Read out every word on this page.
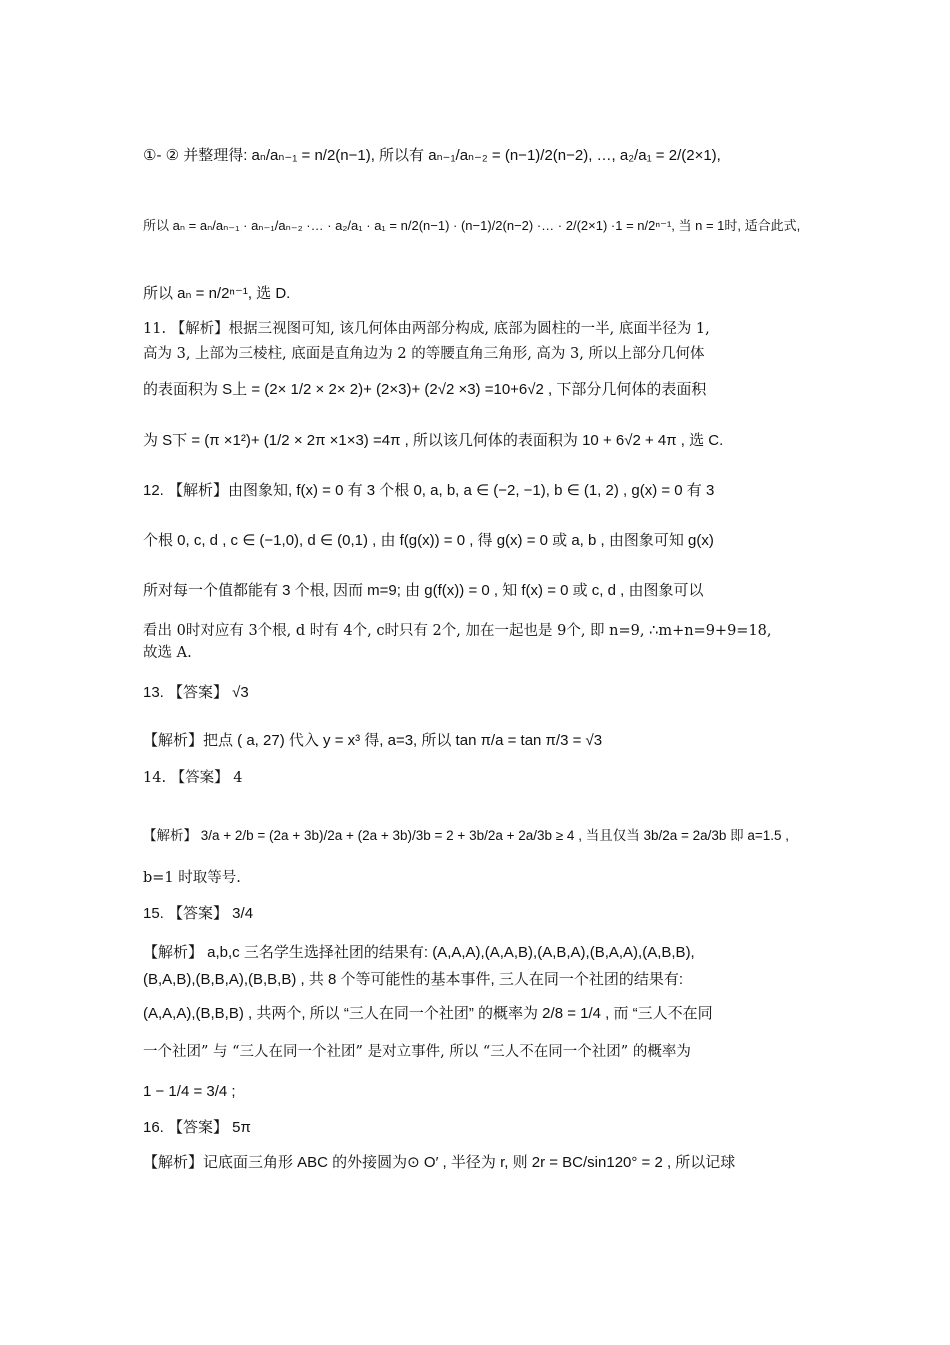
①- ② 并整理得: aₙ/aₙ₋₁ = n/2(n−1), 所以有 aₙ₋₁/aₙ₋₂ = (n−1)/2(n−2), …, a₂/a₁ = 2/(2×1),
所以 aₙ = aₙ/aₙ₋₁ · aₙ₋₁/aₙ₋₂ ·… · a₂/a₁ · a₁ = n/2(n−1) · (n−1)/2(n−2) ·… · 2/(2×1) ·1 = n/2ⁿ⁻¹, 当 n = 1时, 适合此式,
所以 aₙ = n/2ⁿ⁻¹, 选 D.
11. 【解析】根据三视图可知, 该几何体由两部分构成, 底部为圆柱的一半, 底面半径为 1,
高为 3, 上部为三棱柱, 底面是直角边为 2 的等腰直角三角形, 高为 3, 所以上部分几何体
的表面积为 S上 = (2× 1/2 × 2× 2)+ (2×3)+ (2√2 ×3) =10+6√2 , 下部分几何体的表面积
为 S下 = (π ×1²)+ (1/2 × 2π ×1×3) =4π , 所以该几何体的表面积为 10 + 6√2 + 4π , 选 C.
12. 【解析】由图象知, f(x) = 0 有 3 个根 0, a, b, a ∈ (−2, −1), b ∈ (1, 2) , g(x) = 0 有 3
个根 0, c, d , c ∈ (−1,0), d ∈ (0,1) , 由 f(g(x)) = 0 , 得 g(x) = 0 或 a, b , 由图象可知 g(x)
所对每一个值都能有 3 个根, 因而 m=9; 由 g(f(x)) = 0 , 知 f(x) = 0 或 c, d , 由图象可以
看出 0时对应有 3个根, d 时有 4个, c时只有 2个, 加在一起也是 9个, 即 n=9, ∴m+n=9+9=18,
故选 A.
13. 【答案】 √3
【解析】把点 ( a, 27) 代入 y = x³ 得, a=3, 所以 tan π/a = tan π/3 = √3
14. 【答案】 4
【解析】 3/a + 2/b = (2a + 3b)/2a + (2a + 3b)/3b = 2 + 3b/2a + 2a/3b ≥ 4 , 当且仅当 3b/2a = 2a/3b 即 a=1.5 ,
b=1 时取等号.
15. 【答案】 3/4
【解析】 a,b,c 三名学生选择社团的结果有: (A,A,A),(A,A,B),(A,B,A),(B,A,A),(A,B,B),
(B,A,B),(B,B,A),(B,B,B) , 共 8 个等可能性的基本事件, 三人在同一个社团的结果有:
(A,A,A),(B,B,B) , 共两个, 所以 “三人在同一个社团” 的概率为 2/8 = 1/4 , 而 “三人不在同
一个社团” 与 “三人在同一个社团” 是对立事件, 所以 “三人不在同一个社团” 的概率为
1 − 1/4 = 3/4 ;
16. 【答案】 5π
【解析】记底面三角形 ABC 的外接圆为⊙ O′ , 半径为 r, 则 2r = BC/sin120° = 2 , 所以记球
